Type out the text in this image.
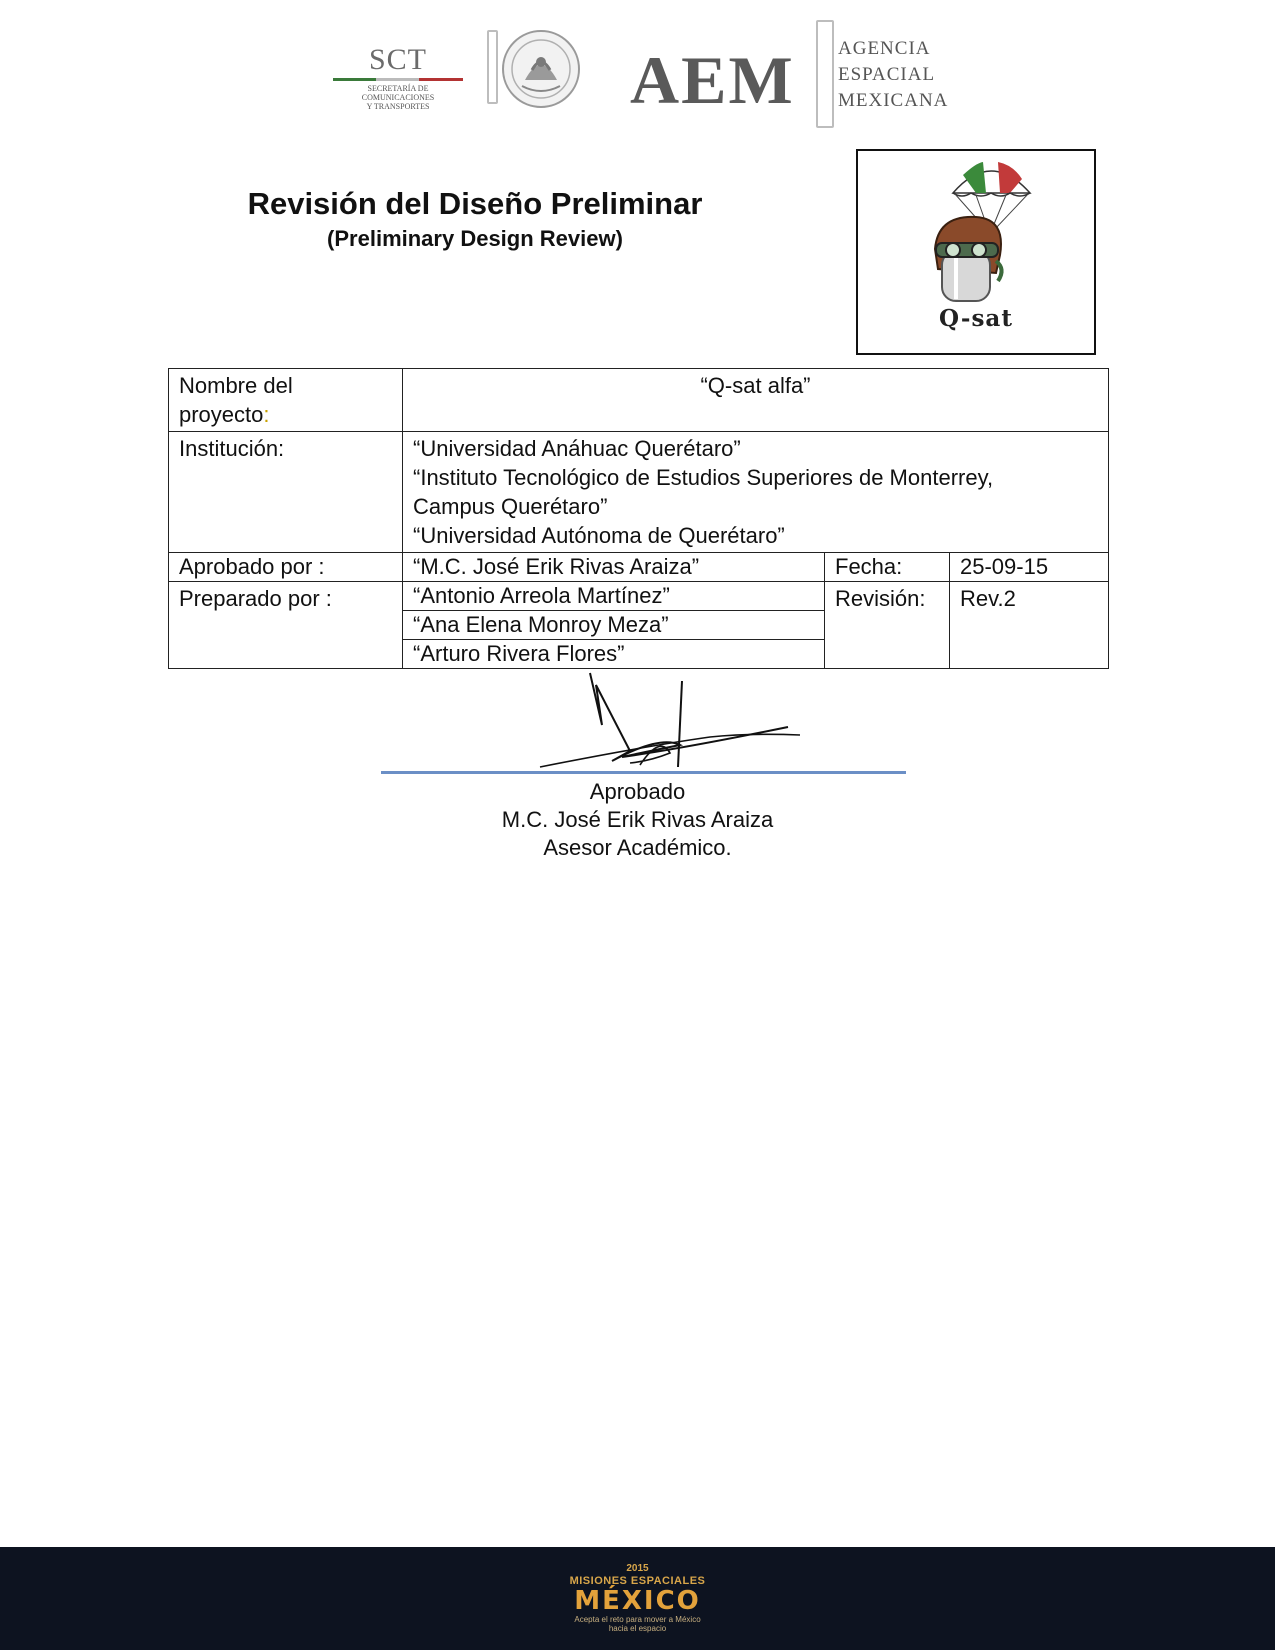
SCT
SECRETARÍA DE
COMUNICACIONES
Y TRANSPORTES	AEM AGENCIA
ESPACIAL
MEXICANA
Revisión del Diseño Preliminar
(Preliminary Design Review)
Q-sat
Nombre del
proyecto:	“Q-sat alfa”		
Institución:	“Universidad Anáhuac Querétaro”
“Instituto Tecnológico de Estudios Superiores de Monterrey,
Campus Querétaro”
“Universidad Autónoma de Querétaro”		

Aprobado por :	“M.C. José Erik Rivas Araiza”	Fecha:	25-09-15
Preparado por :	“Antonio Arreola Martínez”	Revisión:	Rev.2
	“Ana Elena Monroy Meza”		
	“Arturo Rivera Flores”		
Aprobado
M.C. José Erik Rivas Araiza
Asesor Académico.
2015
MISIONES ESPACIALES
MÉXICO
Acepta el reto para mover a México
hacia el espacio
